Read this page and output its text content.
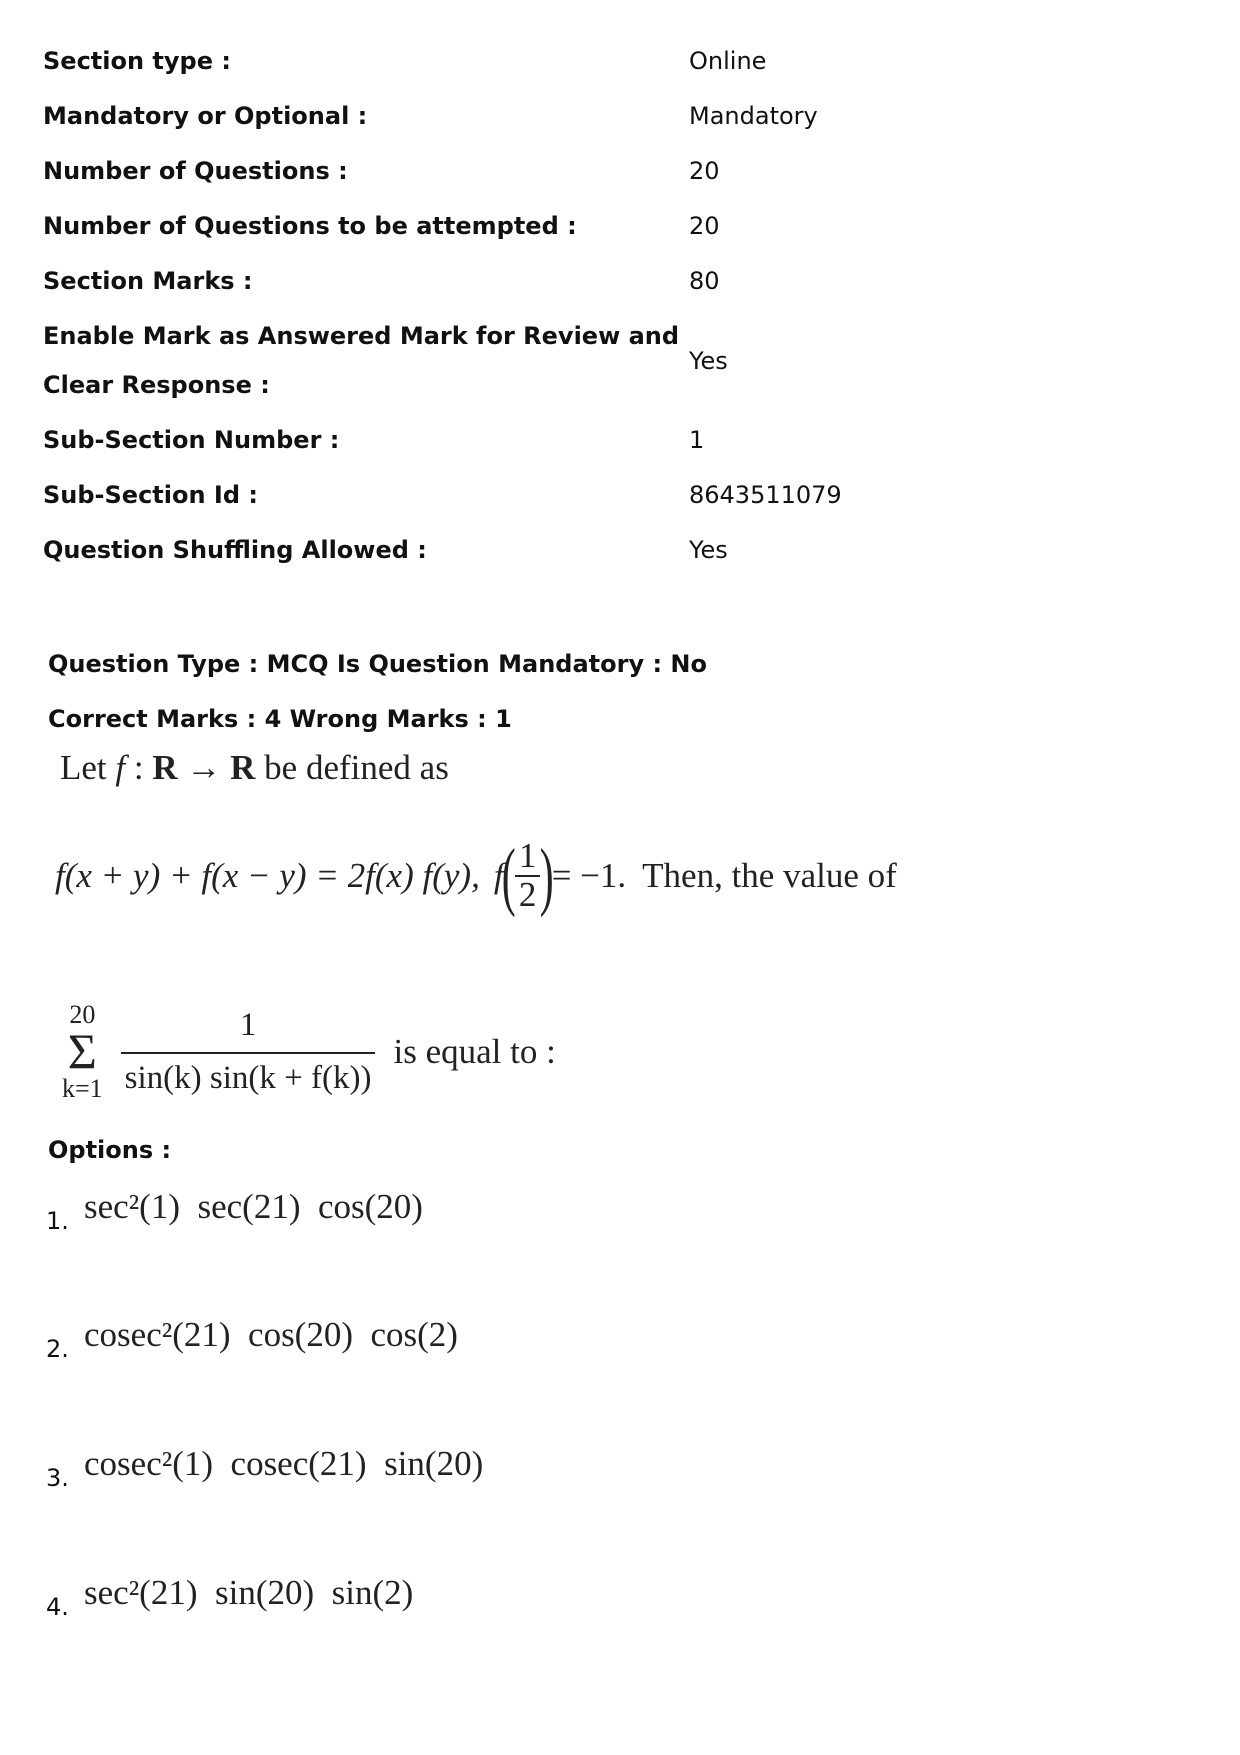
Section type :	Online
Mandatory or Optional :	Mandatory
Number of Questions :	20
Number of Questions to be attempted :	20
Section Marks :	80
Enable Mark as Answered Mark for Review and Clear Response :
Yes
Sub-Section Number :	1
Sub-Section Id :	8643511079
Question Shuffling Allowed :	Yes
Question Type : MCQ Is Question Mandatory : No
Correct Marks : 4 Wrong Marks : 1
Let f : R → R be defined as
f(x + y) + f(x − y) = 2f(x) f(y), f
( $\frac{1}{2}$ )
= −1. Then, the value of
20
Σ
$k=1 \frac{1}{\sin(k) \sin(k + f(k))}$ is equal to :
Options :
1. sec²(1)  sec(21)  cos(20)
2. cosec²(21)  cos(20)  cos(2)
3. cosec²(1)  cosec(21)  sin(20)
4. sec²(21)  sin(20)  sin(2)
